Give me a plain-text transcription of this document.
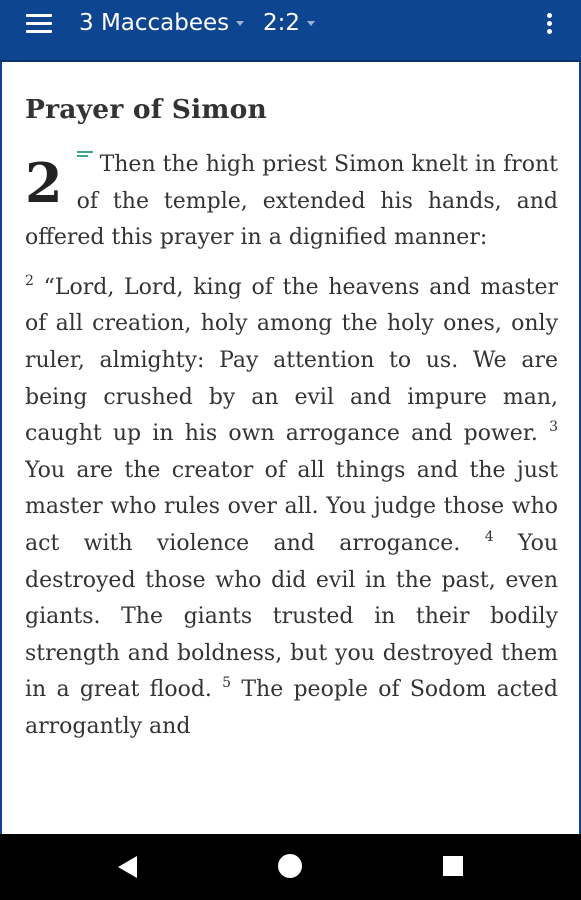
3 Maccabees	2:2
Prayer of Simon

2 Then the high priest Simon knelt in front of the temple, extended his hands, and offered this prayer in a dignified manner:

$^2$ “Lord, Lord, king of the heavens and master of all creation, holy among the holy ones, only ruler, almighty: Pay attention to us. We are being crushed by an evil and impure man, caught up in his own arrogance and power. $^3$ You are the creator of all things and the just master who rules over all. You judge those who act with violence and arrogance. $^4$ You destroyed those who did evil in the past, even giants. The giants trusted in their bodily strength and boldness, but you destroyed them in a great flood. $^5$ The people of Sodom acted arrogantly and
